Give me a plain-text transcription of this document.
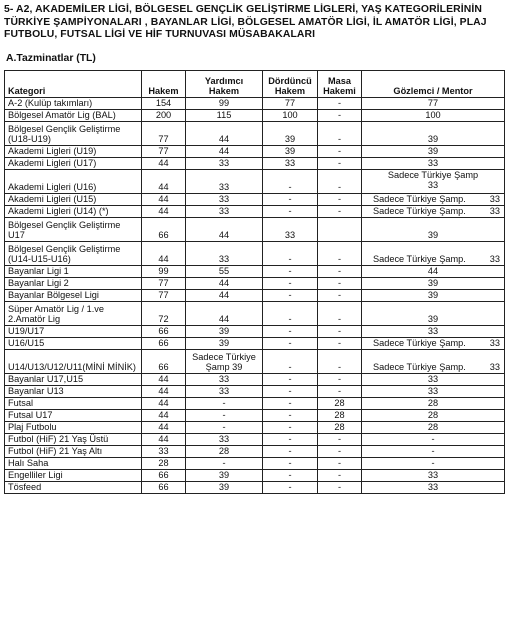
5- A2, AKADEMİLER LİGİ, BÖLGESEL GENÇLİK GELİŞTİRME LİGLERİ, YAŞ KATEGORİLERİNİN TÜRKİYE ŞAMPİYONALARI , BAYANLAR LİGİ, BÖLGESEL AMATÖR LİGİ, İL AMATÖR LİGİ, PLAJ FUTBOLU, FUTSAL LİGİ VE HİF TURNUVASI MÜSABAKALARI

A.Tazminatlar (TL)
Kategori	Hakem	Yardımcı Hakem	Dördüncü Hakem	Masa Hakemi	Gözlemci / Mentor
A-2 (Kulüp takımları)	154	99	77	-	77
Bölgesel Amatör Lig (BAL)	200	115	100	-	100
Bölgesel Gençlik Geliştirme (U18-U19)	77	44	39	-	39
Akademi Ligleri (U19)	77	44	39	-	39
Akademi Ligleri (U17)	44	33	33	-	33
Akademi Ligleri (U16)	44	33	-	-	Sadece Türkiye Şamp
33

Akademi Ligleri (U15)	44	33	-	-	Sadece Türkiye Şamp. 33

Akademi Ligleri (U14) (*)	44	33	-	-	Sadece Türkiye Şamp. 33

Bölgesel Gençlik Geliştirme U17	66	44	33		39
Bölgesel Gençlik Geliştirme (U14-U15-U16)	44	33	-	-	Sadece Türkiye Şamp. 33

Bayanlar Ligi 1	99	55	-	-	44
Bayanlar Ligi 2	77	44	-	-	39
Bayanlar Bölgesel Ligi	77	44	-	-	39
Süper Amatör Lig / 1.ve 2.Amatör Lig	72	44	-	-	39
U19/U17	66	39	-	-	33
U16/U15	66	39	-	-	Sadece Türkiye Şamp. 33

U14/U13/U12/U11(MİNİ MİNİK)	66	Sadece Türkiye Şamp 39	-	-	Sadece Türkiye Şamp. 33

Bayanlar U17,U15	44	33	-	-	33
Bayanlar U13	44	33	-	-	33
Futsal	44	-	-	28	28
Futsal U17	44	-	-	28	28
Plaj Futbolu	44	-	-	28	28
Futbol (HiF) 21 Yaş Üstü	44	33	-	-	-
Futbol (HiF) 21 Yaş Altı	33	28	-	-	-
Halı Saha	28	-	-	-	-
Engelliler Ligi	66	39	-	-	33
Tösfeed	66	39	-	-	33
